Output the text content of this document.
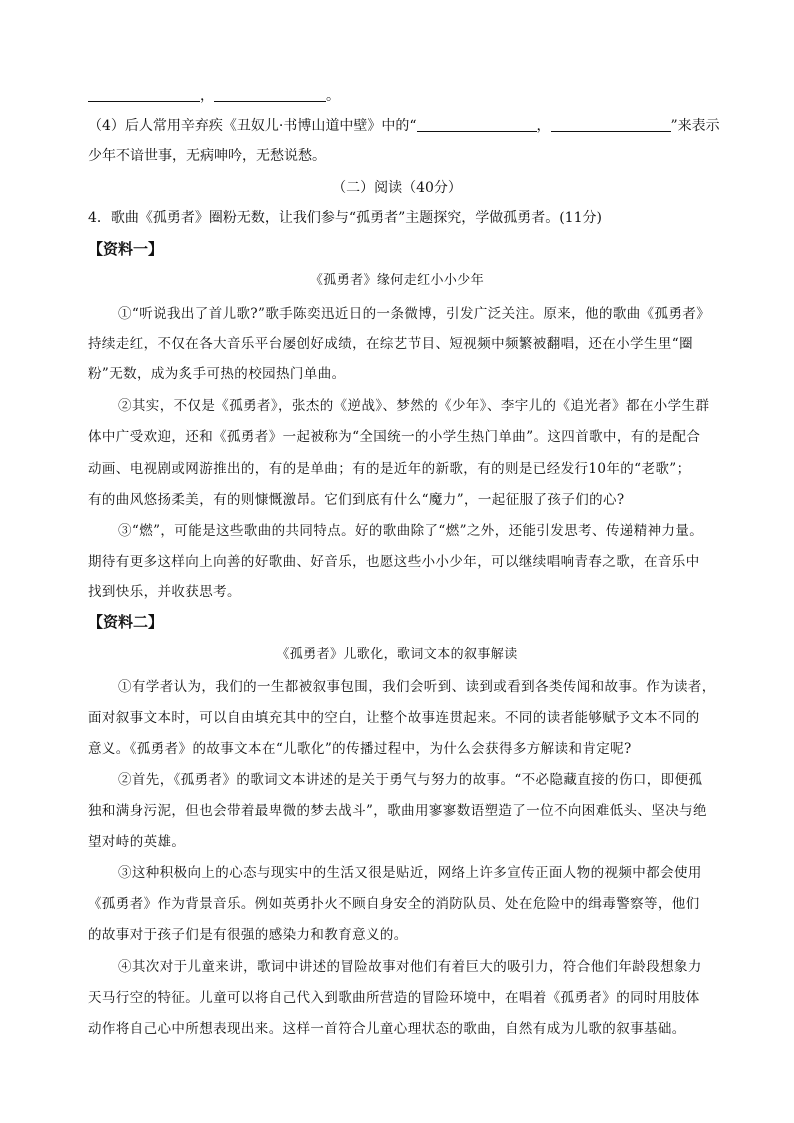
，	。
（4）后人常用辛弃疾《丑奴儿·书博山道中壁》中的“	，	”来表示
少年不谙世事，无病呻吟，无愁说愁。
（二）阅读（40分）
4．歌曲《孤勇者》圈粉无数，让我们参与“孤勇者”主题探究，学做孤勇者。(11分)
【资料一】
《孤勇者》缘何走红小小少年
①“听说我出了首儿歌?”歌手陈奕迅近日的一条微博，引发广泛关注。原来，他的歌曲《孤勇者》
持续走红，不仅在各大音乐平台屡创好成绩，在综艺节目、短视频中频繁被翻唱，还在小学生里“圈
粉”无数，成为炙手可热的校园热门单曲。
②其实，不仅是《孤勇者》，张杰的《逆战》、梦然的《少年》、李宇儿的《追光者》都在小学生群
体中广受欢迎，还和《孤勇者》一起被称为“全国统一的小学生热门单曲”。这四首歌中，有的是配合
动画、电视剧或网游推出的，有的是单曲；有的是近年的新歌，有的则是已经发行10年的“老歌”；
有的曲风悠扬柔美，有的则慷慨激昂。它们到底有什么“魔力”，一起征服了孩子们的心?
③“燃”，可能是这些歌曲的共同特点。好的歌曲除了“燃”之外，还能引发思考、传递精神力量。
期待有更多这样向上向善的好歌曲、好音乐，也愿这些小小少年，可以继续唱响青春之歌，在音乐中
找到快乐，并收获思考。
【资料二】
《孤勇者》儿歌化，歌词文本的叙事解读
①有学者认为，我们的一生都被叙事包围，我们会听到、读到或看到各类传闻和故事。作为读者，
面对叙事文本时，可以自由填充其中的空白，让整个故事连贯起来。不同的读者能够赋予文本不同的
意义。《孤勇者》的故事文本在“儿歌化”的传播过程中，为什么会获得多方解读和肯定呢?
②首先，《孤勇者》的歌词文本讲述的是关于勇气与努力的故事。“不必隐藏直接的伤口，即便孤
独和满身污泥，但也会带着最卑微的梦去战斗”，歌曲用寥寥数语塑造了一位不向困难低头、坚决与绝
望对峙的英雄。
③这种积极向上的心态与现实中的生活又很是贴近，网络上许多宣传正面人物的视频中都会使用
《孤勇者》作为背景音乐。例如英勇扑火不顾自身安全的消防队员、处在危险中的缉毒警察等，他们
的故事对于孩子们是有很强的感染力和教育意义的。
④其次对于儿童来讲，歌词中讲述的冒险故事对他们有着巨大的吸引力，符合他们年龄段想象力
天马行空的特征。儿童可以将自己代入到歌曲所营造的冒险环境中，在唱着《孤勇者》的同时用肢体
动作将自己心中所想表现出来。这样一首符合儿童心理状态的歌曲，自然有成为儿歌的叙事基础。
